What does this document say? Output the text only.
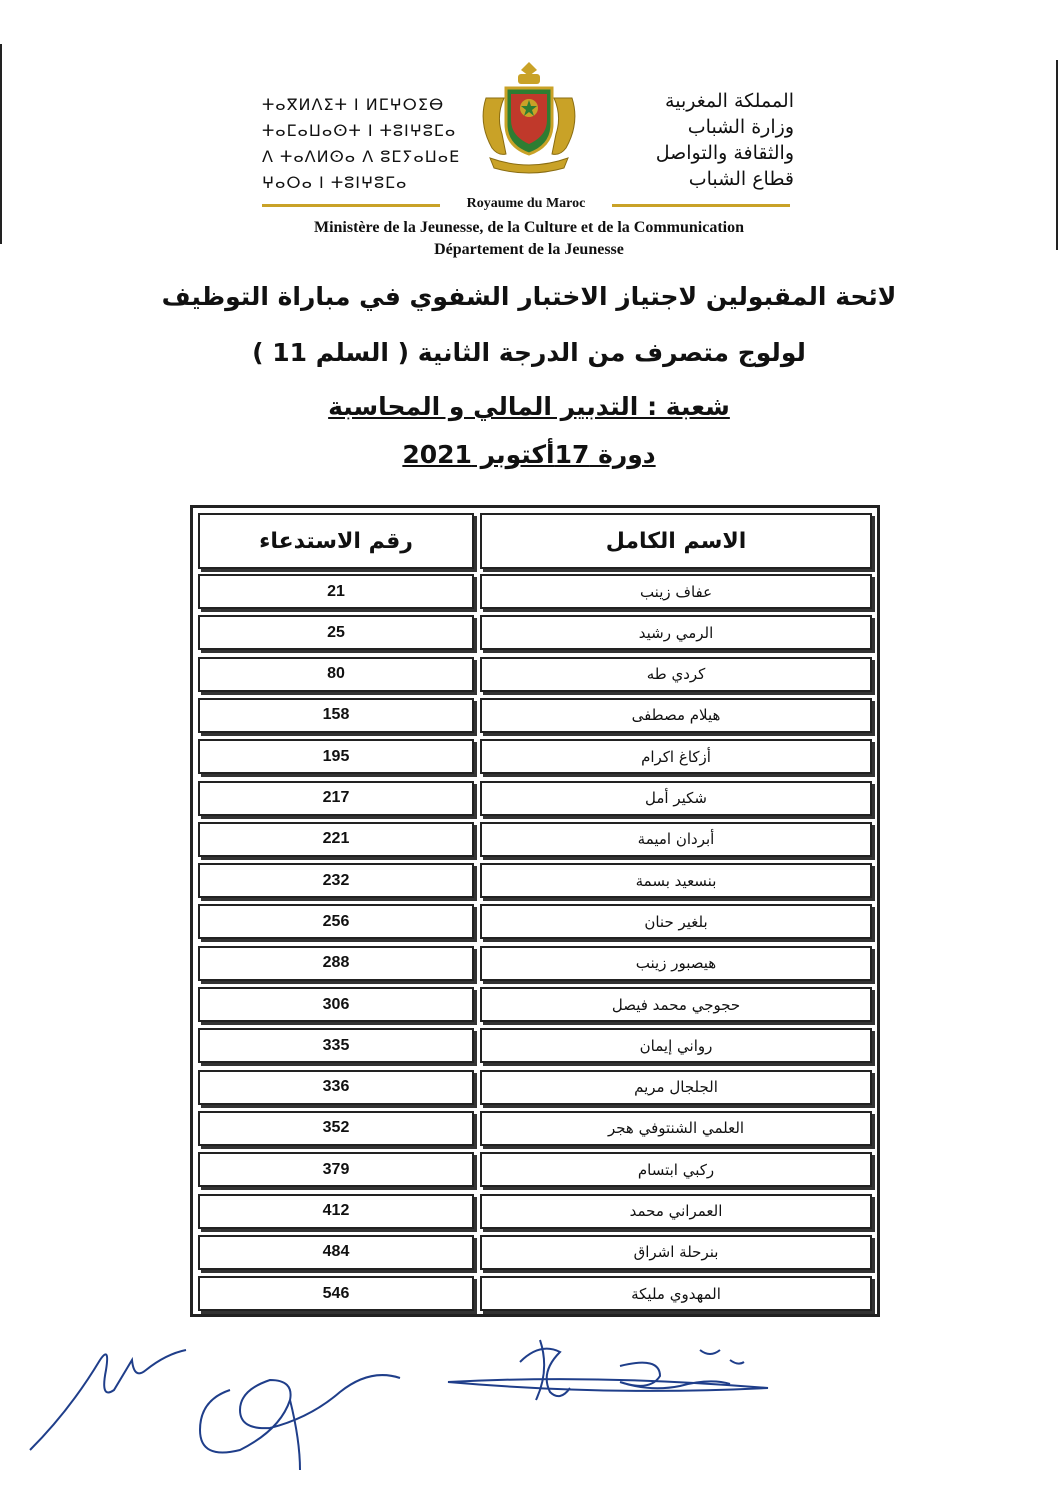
ⵜⴰⴳⵍⴷⵉⵜ ⵏ ⵍⵎⵖⵔⵉⴱ
ⵜⴰⵎⴰⵡⴰⵙⵜ ⵏ ⵜⵓⵏⵖⵓⵎⴰ
ⴷ ⵜⴰⴷⵍⵙⴰ ⴷ ⵓⵎⵢⴰⵡⴰⴹ
ⵖⴰⵔⴰ ⵏ ⵜⵓⵏⵖⵓⵎⴰ
المملكة المغربية
وزارة الشباب
والثقافة والتواصل
قطاع الشباب
Royaume du Maroc
Ministère de la Jeunesse, de la Culture et de la Communication
Département de la Jeunesse
لائحة المقبولين لاجتياز الاختبار الشفوي في مباراة التوظيف
لولوج متصرف من الدرجة الثانية ( السلم 11 )
شعبة : التدبير المالي و المحاسبة
دورة 17أكتوبر 2021
الاسم الكامل
رقم الاستدعاء
عفاف زينب
21
الرمي رشيد
25
كردي طه
80
هيلام مصطفى
158
أزكاغ اكرام
195
شكير أمل
217
أبردان اميمة
221
بنسعيد بسمة
232
بلغير حنان
256
هيصبور زينب
288
حجوجي محمد فيصل
306
رواني إيمان
335
الجلجال مريم
336
العلمي الشنتوفي هجر
352
ركبي ابتسام
379
العمراني محمد
412
بنرحلة اشراق
484
المهدوي مليكة
546
